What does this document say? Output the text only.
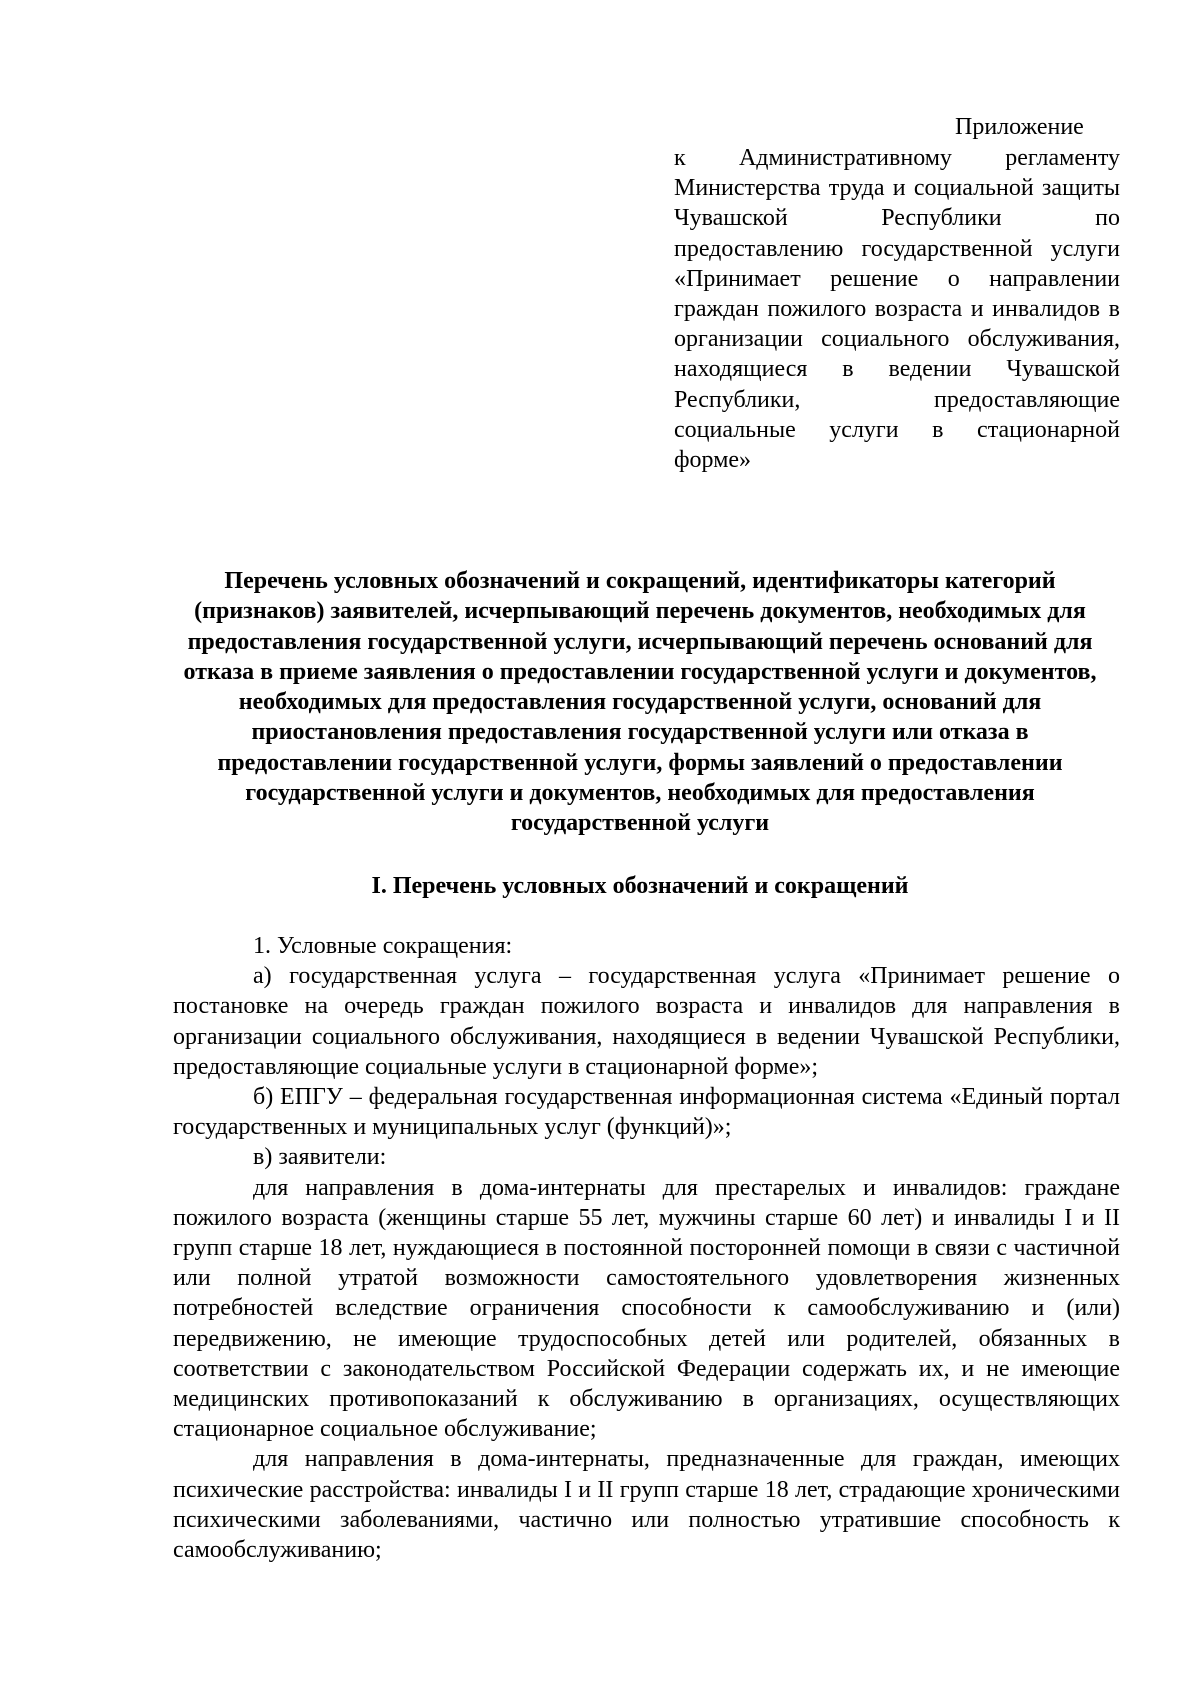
Приложение

к Административному регламенту Министерства труда и социальной защиты Чувашской Республики по предоставлению государственной услуги «Принимает решение о направлении граждан пожилого возраста и инвалидов в организации социального обслуживания, находящиеся в ведении Чувашской Республики, предоставляющие социальные услуги в стационарной форме»

Перечень условных обозначений и сокращений, идентификаторы категорий (признаков) заявителей, исчерпывающий перечень документов, необходимых для предоставления государственной услуги, исчерпывающий перечень оснований для отказа в приеме заявления о предоставлении государственной услуги и документов, необходимых для предоставления государственной услуги, оснований для приостановления предоставления государственной услуги или отказа в предоставлении государственной услуги, формы заявлений о предоставлении государственной услуги и документов, необходимых для предоставления государственной услуги
I. Перечень условных обозначений и сокращений

1. Условные сокращения:

а) государственная услуга – государственная услуга «Принимает решение о постановке на очередь граждан пожилого возраста и инвалидов для направления в организации социального обслуживания, находящиеся в ведении Чувашской Республики, предоставляющие социальные услуги в стационарной форме»;

б) ЕПГУ – федеральная государственная информационная система «Единый портал государственных и муниципальных услуг (функций)»;

в) заявители:

для направления в дома-интернаты для престарелых и инвалидов: граждане пожилого возраста (женщины старше 55 лет, мужчины старше 60 лет) и инвалиды I и II групп старше 18 лет, нуждающиеся в постоянной посторонней помощи в связи с частичной или полной утратой возможности самостоятельного удовлетворения жизненных потребностей вследствие ограничения способности к самообслуживанию и (или) передвижению, не имеющие трудоспособных детей или родителей, обязанных в соответствии с законодательством Российской Федерации содержать их, и не имеющие медицинских противопоказаний к обслуживанию в организациях, осуществляющих стационарное социальное обслуживание;

для направления в дома-интернаты, предназначенные для граждан, имеющих психические расстройства: инвалиды I и II групп старше 18 лет, страдающие хроническими психическими заболеваниями, частично или полностью утратившие способность к самообслуживанию;
